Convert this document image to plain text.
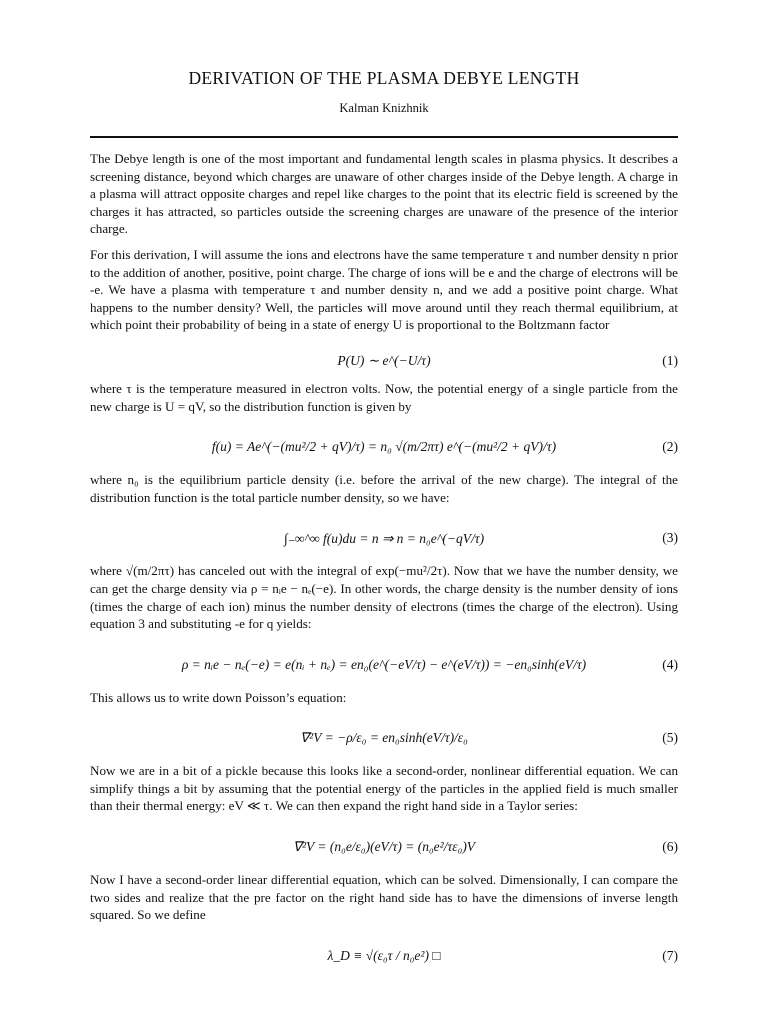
DERIVATION OF THE PLASMA DEBYE LENGTH
Kalman Knizhnik

The Debye length is one of the most important and fundamental length scales in plasma physics. It describes a screening distance, beyond which charges are unaware of other charges inside of the Debye length. A charge in a plasma will attract opposite charges and repel like charges to the point that its electric field is screened by the charges it has attracted, so particles outside the screening charges are unaware of the presence of the interior charge.

For this derivation, I will assume the ions and electrons have the same temperature τ and number density n prior to the addition of another, positive, point charge. The charge of ions will be e and the charge of electrons will be -e. We have a plasma with temperature τ and number density n, and we add a positive point charge. What happens to the number density? Well, the particles will move around until they reach thermal equilibrium, at which point their probability of being in a state of energy U is proportional to the Boltzmann factor

P(U) ∼ e^(−U/τ)	(1)

where τ is the temperature measured in electron volts. Now, the potential energy of a single particle from the new charge is U = qV, so the distribution function is given by

f(u) = Ae^(−(mu²/2 + qV)/τ) = n₀ √(m/2πτ) e^(−(mu²/2 + qV)/τ)	(2)

where n₀ is the equilibrium particle density (i.e. before the arrival of the new charge). The integral of the distribution function is the total particle number density, so we have:

∫₋∞^∞ f(u)du = n ⇒ n = n₀e^(−qV/τ)	(3)

where √(m/2πτ) has canceled out with the integral of exp(−mu²/2τ). Now that we have the number density, we can get the charge density via ρ = nᵢe − nₑ(−e). In other words, the charge density is the number density of ions (times the charge of each ion) minus the number density of electrons (times the charge of the electron). Using equation 3 and substituting -e for q yields:

ρ = nᵢe − nₑ(−e) = e(nᵢ + nₑ) = en₀(e^(−eV/τ) − e^(eV/τ)) = −en₀sinh(eV/τ)	(4)

This allows us to write down Poisson’s equation:

∇²V = −ρ/ε₀ = en₀sinh(eV/τ)/ε₀	(5)

Now we are in a bit of a pickle because this looks like a second-order, nonlinear differential equation. We can simplify things a bit by assuming that the potential energy of the particles in the applied field is much smaller than their thermal energy: eV ≪ τ. We can then expand the right hand side in a Taylor series:

∇²V = (n₀e/ε₀)(eV/τ) = (n₀e²/τε₀)V	(6)

Now I have a second-order linear differential equation, which can be solved. Dimensionally, I can compare the two sides and realize that the pre factor on the right hand side has to have the dimensions of inverse length squared. So we define

λ_D ≡ √(ε₀τ / n₀e²) □	(7)
